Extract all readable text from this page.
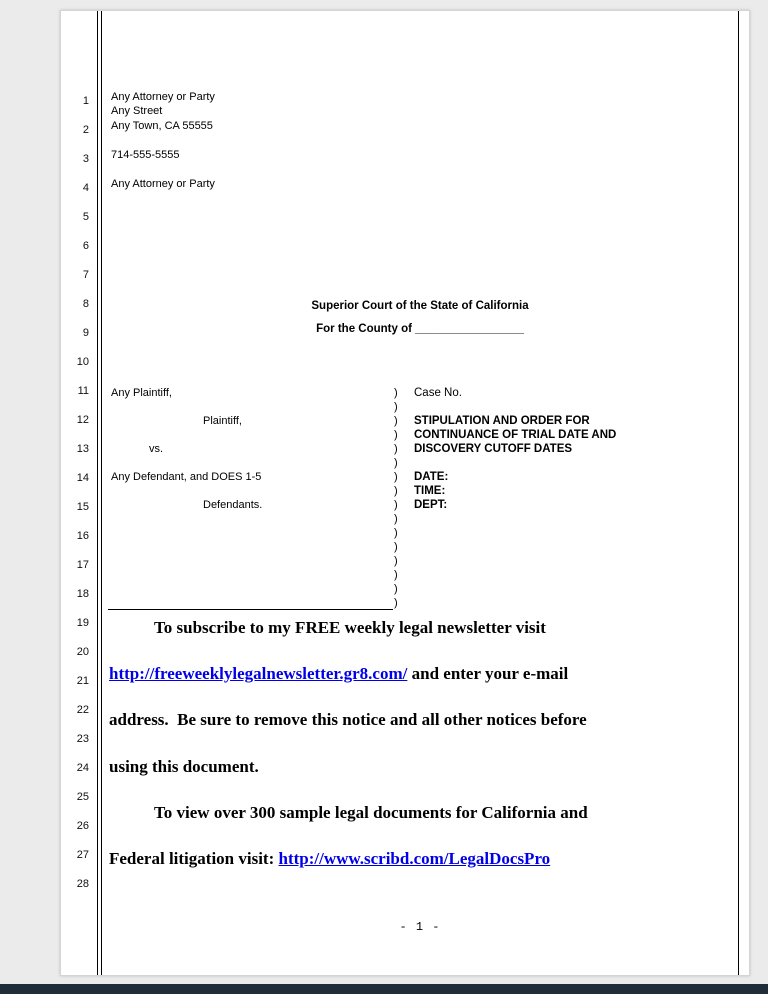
1
2
3
4
5
6
7
8
9
10
11
12
13
14
15
16
17
18
19
20
21
22
23
24
25
26
27
28
Any Attorney or Party
Any Street
Any Town, CA 55555
714-555-5555
Any Attorney or Party
Superior Court of the State of California
For the County of _________________
Any Plaintiff,	)	Case No.
)
Plaintiff,	)	STIPULATION AND ORDER FOR
)	CONTINUANCE OF TRIAL DATE AND
vs.	)	DISCOVERY CUTOFF DATES
)
Any Defendant, and DOES 1-5	)	DATE:
)	TIME:
Defendants.	)	DEPT:
)
)
)
)
)
)
)
To subscribe to my FREE weekly legal newsletter visit
http://freeweeklylegalnewsletter.gr8.com/ and enter your e-mail
address.  Be sure to remove this notice and all other notices before
using this document.
To view over 300 sample legal documents for California and
Federal litigation visit: http://www.scribd.com/LegalDocsPro
- 1 -
